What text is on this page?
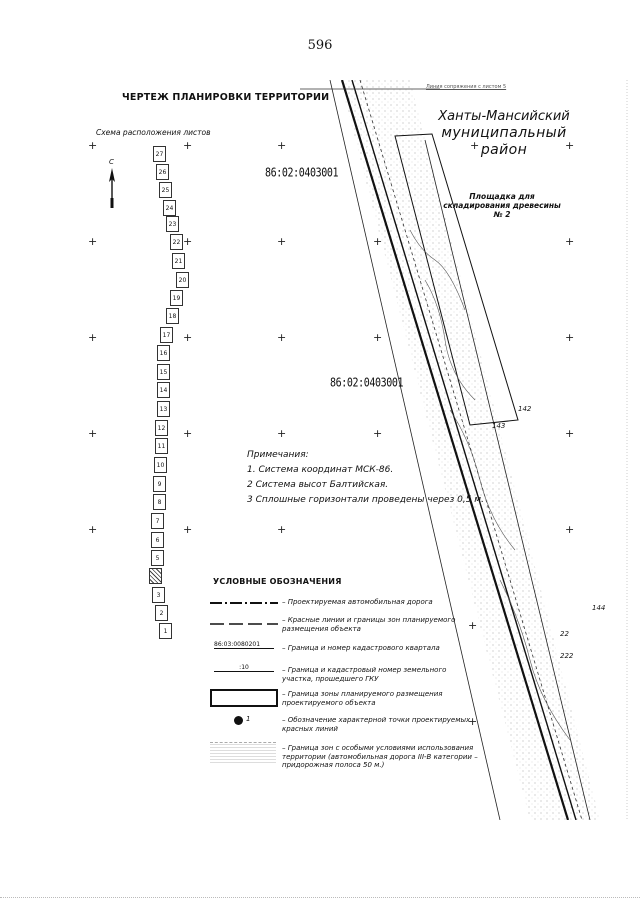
596
ЧЕРТЕЖ ПЛАНИРОВКИ ТЕРРИТОРИИ
Схема расположения листов
+	+	+	+	+
+	+	+	+	+
+	+	+	+	+
+	+	+	+	+
+	+	+	+
+
+
С
27
26
25
24
23
22
21
20
19
18
17
16
15
14
13
12
11
10
9
8
7
6
5
3
2
1
Линия сопряжения с листом 5
Ханты-Мансийский
муниципальный район
86:02:0403001
86:02:0403001
Площадка для складирования древесины № 2
142
143
144
22
222
Примечания:
1. Система координат МСК-86.
2 Система высот Балтийская.
3 Сплошные горизонтали проведены через 0,5 м.
УСЛОВНЫЕ ОБОЗНАЧЕНИЯ
– Проектируемая автомобильная дорога
– Красные линии и границы зон планируемого размещения объекта
86:03:0080201	– Граница и номер кадастрового квартала
:10	– Граница и кадастровый номер земельного участка, прошедшего ГКУ
– Граница зоны планируемого размещения проектируемого объекта
1	– Обозначение характерной точки проектируемых красных линий
– Граница зон с особыми условиями использования территории (автомобильная дорога III-В категории – придорожная полоса 50 м.)
